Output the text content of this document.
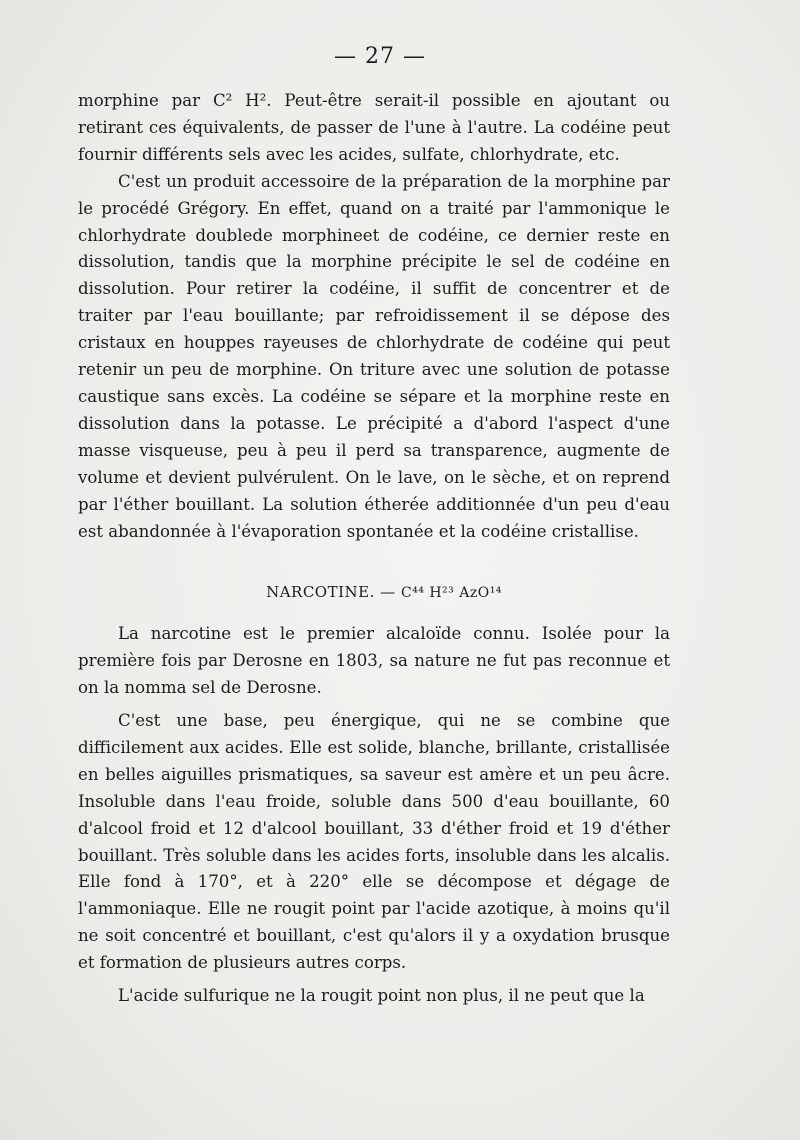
— 27 —

morphine par C² H². Peut-être serait-il possible en ajoutant ou retirant ces équivalents, de passer de l'une à l'autre. La codéine peut fournir différents sels avec les acides, sulfate, chlorhydrate, etc.

C'est un produit accessoire de la préparation de la morphine par le procédé Grégory. En effet, quand on a traité par l'ammonique le chlorhydrate doublede morphineet de codéine, ce dernier reste en dissolution, tandis que la morphine précipite le sel de codéine en dissolution. Pour retirer la codéine, il suffit de concentrer et de traiter par l'eau bouillante; par refroidissement il se dépose des cristaux en houppes rayeuses de chlorhydrate de codéine qui peut retenir un peu de morphine. On triture avec une solution de potasse caustique sans excès. La codéine se sépare et la morphine reste en dissolution dans la potasse. Le précipité a d'abord l'aspect d'une masse visqueuse, peu à peu il perd sa transparence, augmente de volume et devient pulvérulent. On le lave, on le sèche, et on reprend par l'éther bouillant. La solution étherée additionnée d'un peu d'eau est abandonnée à l'évaporation spontanée et la codéine cristallise.

NARCOTINE. — C⁴⁴ H²³ AzO¹⁴

La narcotine est le premier alcaloïde connu. Isolée pour la première fois par Derosne en 1803, sa nature ne fut pas reconnue et on la nomma sel de Derosne.

C'est une base, peu énergique, qui ne se combine que difficilement aux acides. Elle est solide, blanche, brillante, cristallisée en belles aiguilles prismatiques, sa saveur est amère et un peu âcre. Insoluble dans l'eau froide, soluble dans 500 d'eau bouillante, 60 d'alcool froid et 12 d'alcool bouillant, 33 d'éther froid et 19 d'éther bouillant. Très soluble dans les acides forts, insoluble dans les alcalis. Elle fond à 170°, et à 220° elle se décompose et dégage de l'ammoniaque. Elle ne rougit point par l'acide azotique, à moins qu'il ne soit concentré et bouillant, c'est qu'alors il y a oxydation brusque et formation de plusieurs autres corps.

L'acide sulfurique ne la rougit point non plus, il ne peut que la
